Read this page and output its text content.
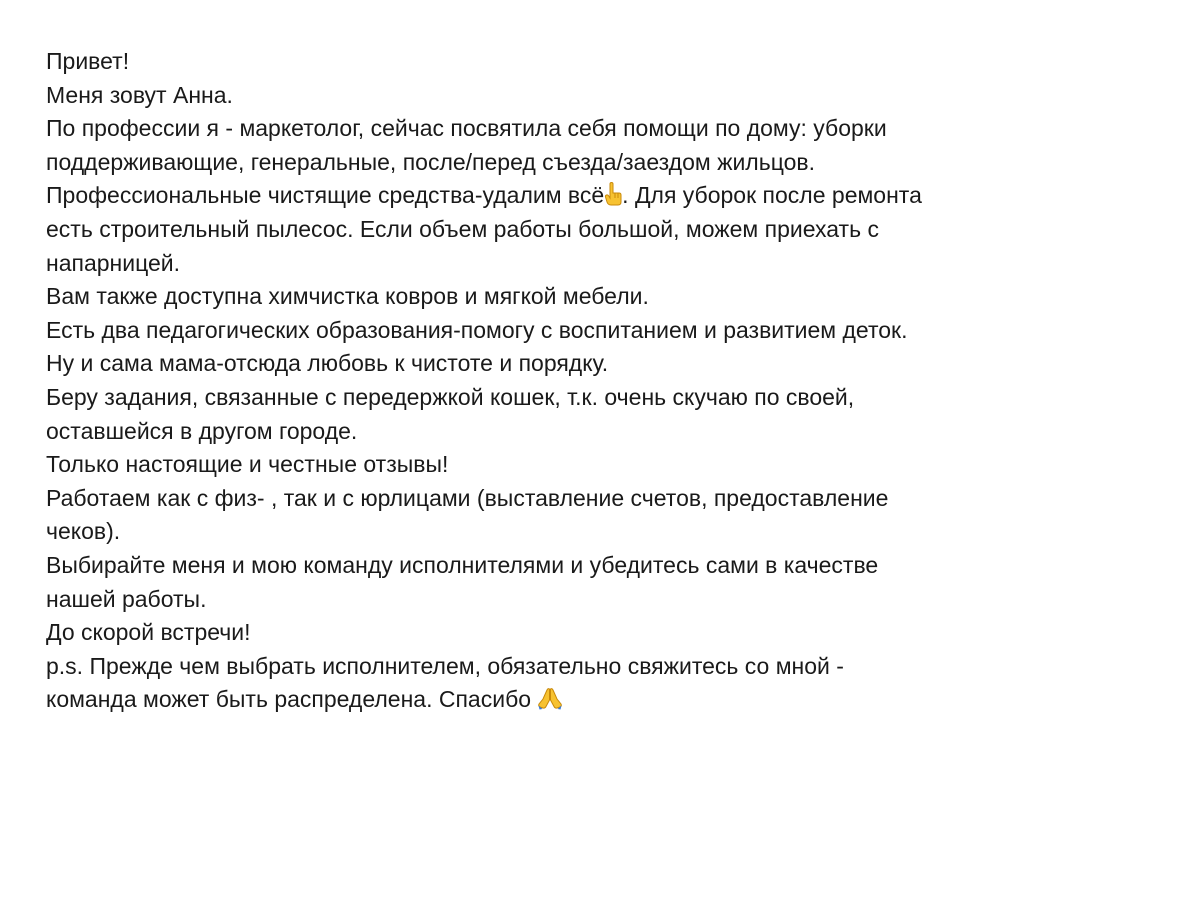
Привет!
Меня зовут Анна.
По профессии я - маркетолог, сейчас посвятила себя помощи по дому: уборки
поддерживающие, генеральные, после/перед съезда/заездом жильцов.
Профессиональные чистящие средства-удалим всё . Для уборок после ремонта
есть строительный пылесос. Если объем работы большой, можем приехать с
напарницей.
Вам также доступна химчистка ковров и мягкой мебели.
Есть два педагогических образования-помогу с воспитанием и развитием деток.
Ну и сама мама-отсюда любовь к чистоте и порядку.
Беру задания, связанные с передержкой кошек, т.к. очень скучаю по своей,
оставшейся в другом городе.
Только настоящие и честные отзывы!
Работаем как с физ- , так и с юрлицами (выставление счетов, предоставление
чеков).
Выбирайте меня и мою команду исполнителями и убедитесь сами в качестве
нашей работы.
До скорой встречи!
p.s. Прежде чем выбрать исполнителем, обязательно свяжитесь со мной -
команда может быть распределена. Спасибо
